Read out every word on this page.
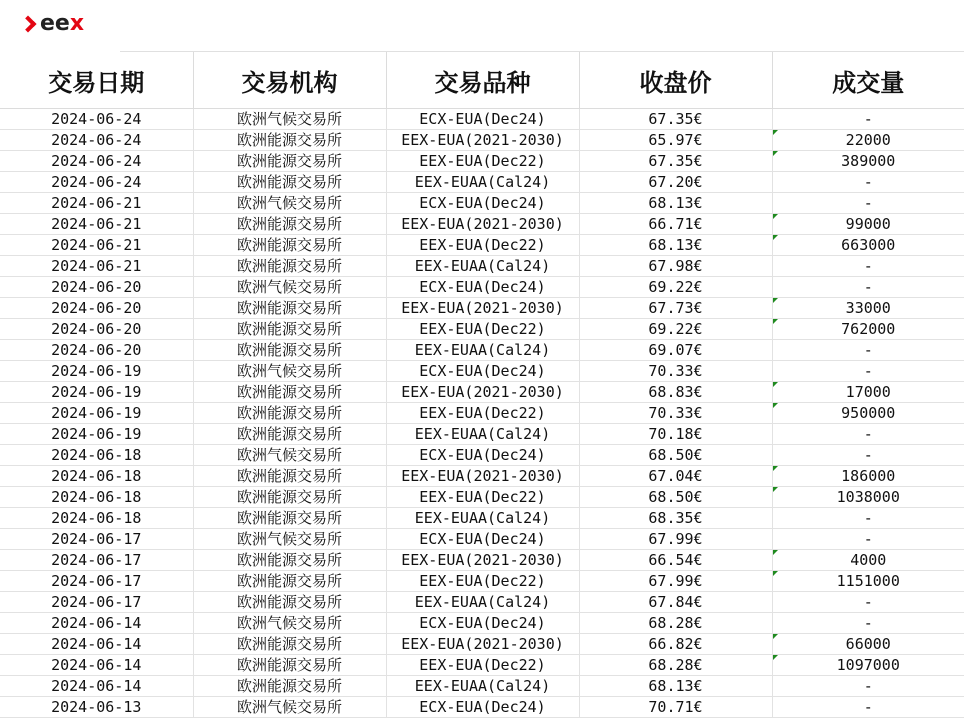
eex
交易日期	交易机构	交易品种	收盘价	成交量
2024-06-24	欧洲气候交易所	ECX-EUA(Dec24)	67.35€	-
2024-06-24	欧洲能源交易所	EEX-EUA(2021-2030)	65.97€	22000
2024-06-24	欧洲能源交易所	EEX-EUA(Dec22)	67.35€	389000
2024-06-24	欧洲能源交易所	EEX-EUAA(Cal24)	67.20€	-
2024-06-21	欧洲气候交易所	ECX-EUA(Dec24)	68.13€	-
2024-06-21	欧洲能源交易所	EEX-EUA(2021-2030)	66.71€	99000
2024-06-21	欧洲能源交易所	EEX-EUA(Dec22)	68.13€	663000
2024-06-21	欧洲能源交易所	EEX-EUAA(Cal24)	67.98€	-
2024-06-20	欧洲气候交易所	ECX-EUA(Dec24)	69.22€	-
2024-06-20	欧洲能源交易所	EEX-EUA(2021-2030)	67.73€	33000
2024-06-20	欧洲能源交易所	EEX-EUA(Dec22)	69.22€	762000
2024-06-20	欧洲能源交易所	EEX-EUAA(Cal24)	69.07€	-
2024-06-19	欧洲气候交易所	ECX-EUA(Dec24)	70.33€	-
2024-06-19	欧洲能源交易所	EEX-EUA(2021-2030)	68.83€	17000
2024-06-19	欧洲能源交易所	EEX-EUA(Dec22)	70.33€	950000
2024-06-19	欧洲能源交易所	EEX-EUAA(Cal24)	70.18€	-
2024-06-18	欧洲气候交易所	ECX-EUA(Dec24)	68.50€	-
2024-06-18	欧洲能源交易所	EEX-EUA(2021-2030)	67.04€	186000
2024-06-18	欧洲能源交易所	EEX-EUA(Dec22)	68.50€	1038000
2024-06-18	欧洲能源交易所	EEX-EUAA(Cal24)	68.35€	-
2024-06-17	欧洲气候交易所	ECX-EUA(Dec24)	67.99€	-
2024-06-17	欧洲能源交易所	EEX-EUA(2021-2030)	66.54€	4000
2024-06-17	欧洲能源交易所	EEX-EUA(Dec22)	67.99€	1151000
2024-06-17	欧洲能源交易所	EEX-EUAA(Cal24)	67.84€	-
2024-06-14	欧洲气候交易所	ECX-EUA(Dec24)	68.28€	-
2024-06-14	欧洲能源交易所	EEX-EUA(2021-2030)	66.82€	66000
2024-06-14	欧洲能源交易所	EEX-EUA(Dec22)	68.28€	1097000
2024-06-14	欧洲能源交易所	EEX-EUAA(Cal24)	68.13€	-
2024-06-13	欧洲气候交易所	ECX-EUA(Dec24)	70.71€	-
